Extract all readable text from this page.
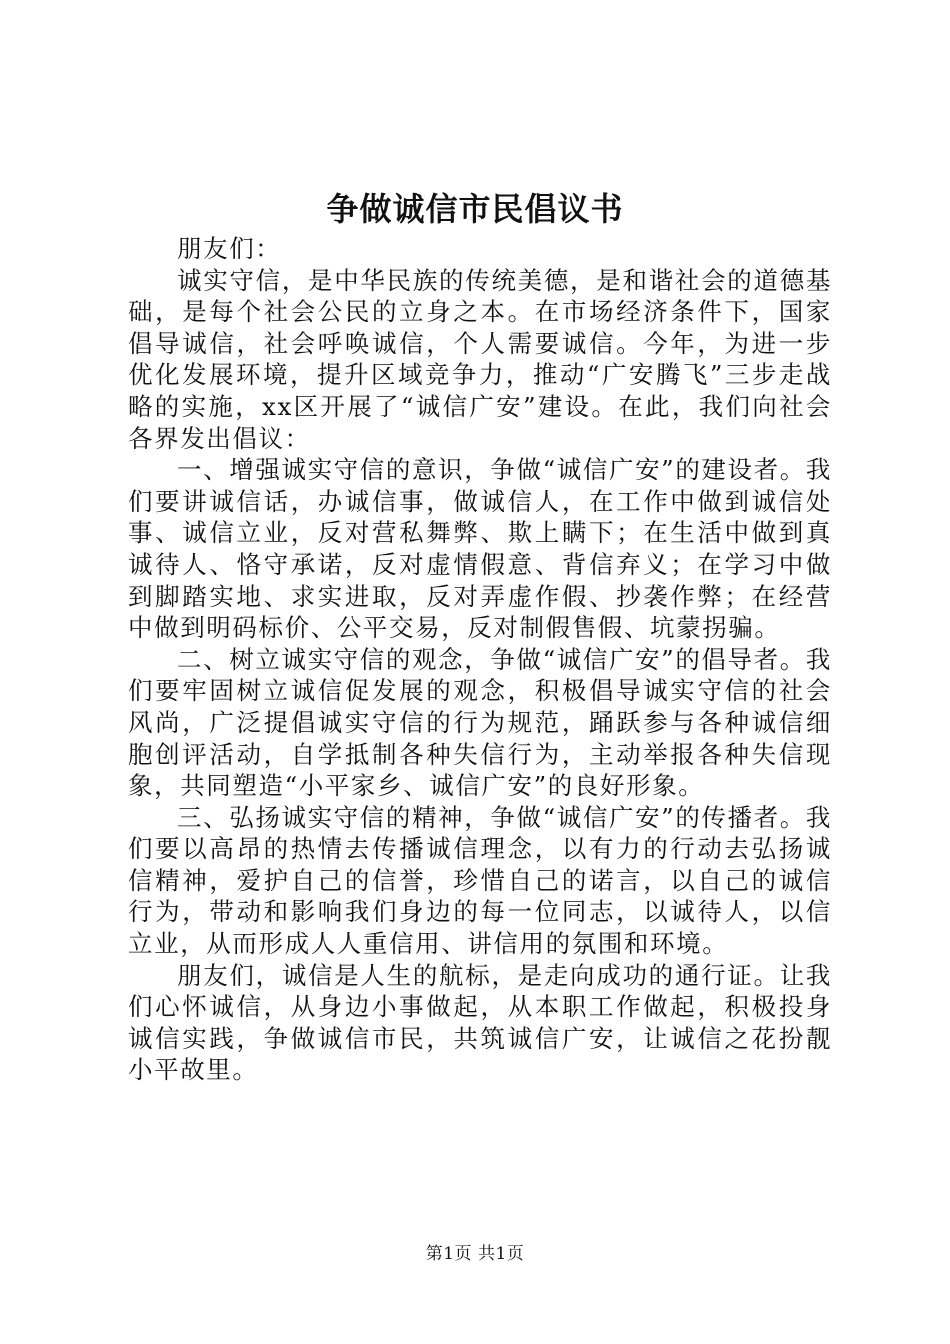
争做诚信市民倡议书

朋友们：

诚实守信，是中华民族的传统美德，是和谐社会的道德基础，是每个社会公民的立身之本。在市场经济条件下，国家倡导诚信，社会呼唤诚信，个人需要诚信。今年，为进一步优化发展环境，提升区域竞争力，推动“广安腾飞”三步走战略的实施，xx区开展了“诚信广安”建设。在此，我们向社会各界发出倡议：

一、增强诚实守信的意识，争做“诚信广安”的建设者。我们要讲诚信话，办诚信事，做诚信人，在工作中做到诚信处事、诚信立业，反对营私舞弊、欺上瞒下；在生活中做到真诚待人、恪守承诺，反对虚情假意、背信弃义；在学习中做到脚踏实地、求实进取，反对弄虚作假、抄袭作弊；在经营中做到明码标价、公平交易，反对制假售假、坑蒙拐骗。

二、树立诚实守信的观念，争做“诚信广安”的倡导者。我们要牢固树立诚信促发展的观念，积极倡导诚实守信的社会风尚，广泛提倡诚实守信的行为规范，踊跃参与各种诚信细胞创评活动，自学抵制各种失信行为，主动举报各种失信现象，共同塑造“小平家乡、诚信广安”的良好形象。

三、弘扬诚实守信的精神，争做“诚信广安”的传播者。我们要以高昂的热情去传播诚信理念，以有力的行动去弘扬诚信精神，爱护自己的信誉，珍惜自己的诺言，以自己的诚信行为，带动和影响我们身边的每一位同志，以诚待人，以信立业，从而形成人人重信用、讲信用的氛围和环境。

朋友们，诚信是人生的航标，是走向成功的通行证。让我们心怀诚信，从身边小事做起，从本职工作做起，积极投身诚信实践，争做诚信市民，共筑诚信广安，让诚信之花扮靓小平故里。

第1页 共1页
